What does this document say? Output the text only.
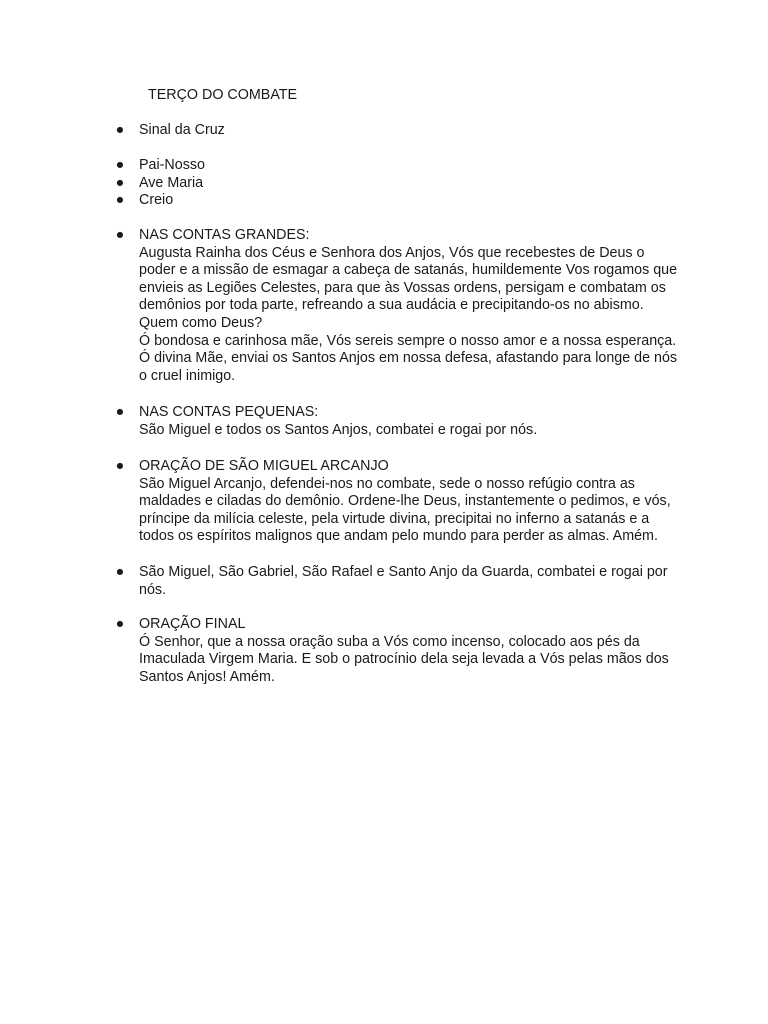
TERÇO DO COMBATE
● Sinal da Cruz
● Pai-Nosso
● Ave Maria
● Creio
● NAS CONTAS GRANDES:
Augusta Rainha dos Céus e Senhora dos Anjos, Vós que recebestes de Deus o
poder e a missão de esmagar a cabeça de satanás, humildemente Vos rogamos que
envieis as Legiões Celestes, para que às Vossas ordens, persigam e combatam os
demônios por toda parte, refreando a sua audácia e precipitando-os no abismo.
Quem como Deus?
Ó bondosa e carinhosa mãe, Vós sereis sempre o nosso amor e a nossa esperança.
Ó divina Mãe, enviai os Santos Anjos em nossa defesa, afastando para longe de nós
o cruel inimigo.
● NAS CONTAS PEQUENAS:
São Miguel e todos os Santos Anjos, combatei e rogai por nós.
● ORAÇÃO DE SÃO MIGUEL ARCANJO
São Miguel Arcanjo, defendei-nos no combate, sede o nosso refúgio contra as
maldades e ciladas do demônio. Ordene-lhe Deus, instantemente o pedimos, e vós,
príncipe da milícia celeste, pela virtude divina, precipitai no inferno a satanás e a
todos os espíritos malignos que andam pelo mundo para perder as almas. Amém.
● São Miguel, São Gabriel, São Rafael e Santo Anjo da Guarda, combatei e rogai por
nós.
● ORAÇÃO FINAL
Ó Senhor, que a nossa oração suba a Vós como incenso, colocado aos pés da
Imaculada Virgem Maria. E sob o patrocínio dela seja levada a Vós pelas mãos dos
Santos Anjos! Amém.
